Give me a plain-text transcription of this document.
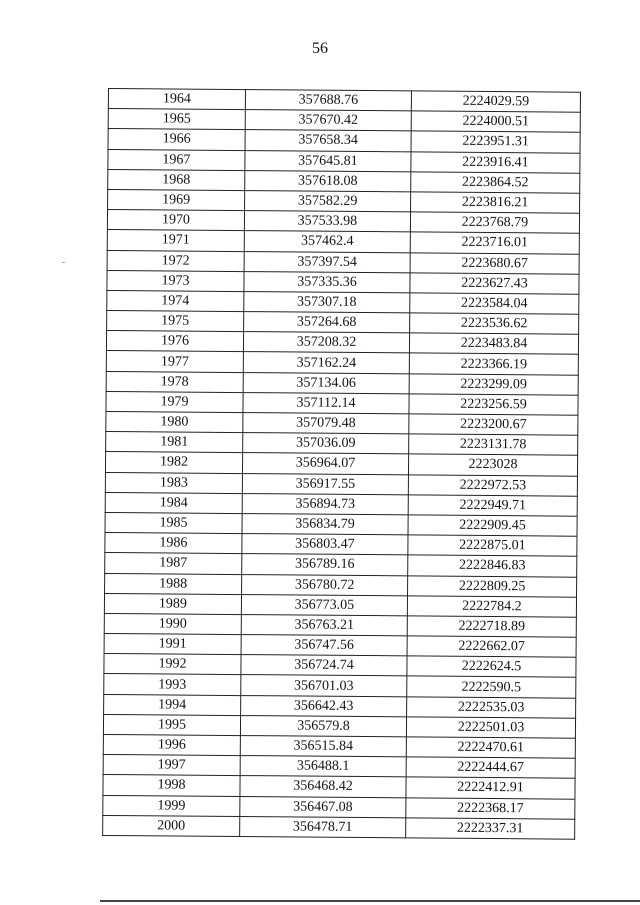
56
1964	357688.76	2224029.59
1965	357670.42	2224000.51
1966	357658.34	2223951.31
1967	357645.81	2223916.41
1968	357618.08	2223864.52
1969	357582.29	2223816.21
1970	357533.98	2223768.79
1971	357462.4	2223716.01
1972	357397.54	2223680.67
1973	357335.36	2223627.43
1974	357307.18	2223584.04
1975	357264.68	2223536.62
1976	357208.32	2223483.84
1977	357162.24	2223366.19
1978	357134.06	2223299.09
1979	357112.14	2223256.59
1980	357079.48	2223200.67
1981	357036.09	2223131.78
1982	356964.07	2223028
1983	356917.55	2222972.53
1984	356894.73	2222949.71
1985	356834.79	2222909.45
1986	356803.47	2222875.01
1987	356789.16	2222846.83
1988	356780.72	2222809.25
1989	356773.05	2222784.2
1990	356763.21	2222718.89
1991	356747.56	2222662.07
1992	356724.74	2222624.5
1993	356701.03	2222590.5
1994	356642.43	2222535.03
1995	356579.8	2222501.03
1996	356515.84	2222470.61
1997	356488.1	2222444.67
1998	356468.42	2222412.91
1999	356467.08	2222368.17
2000	356478.71	2222337.31
